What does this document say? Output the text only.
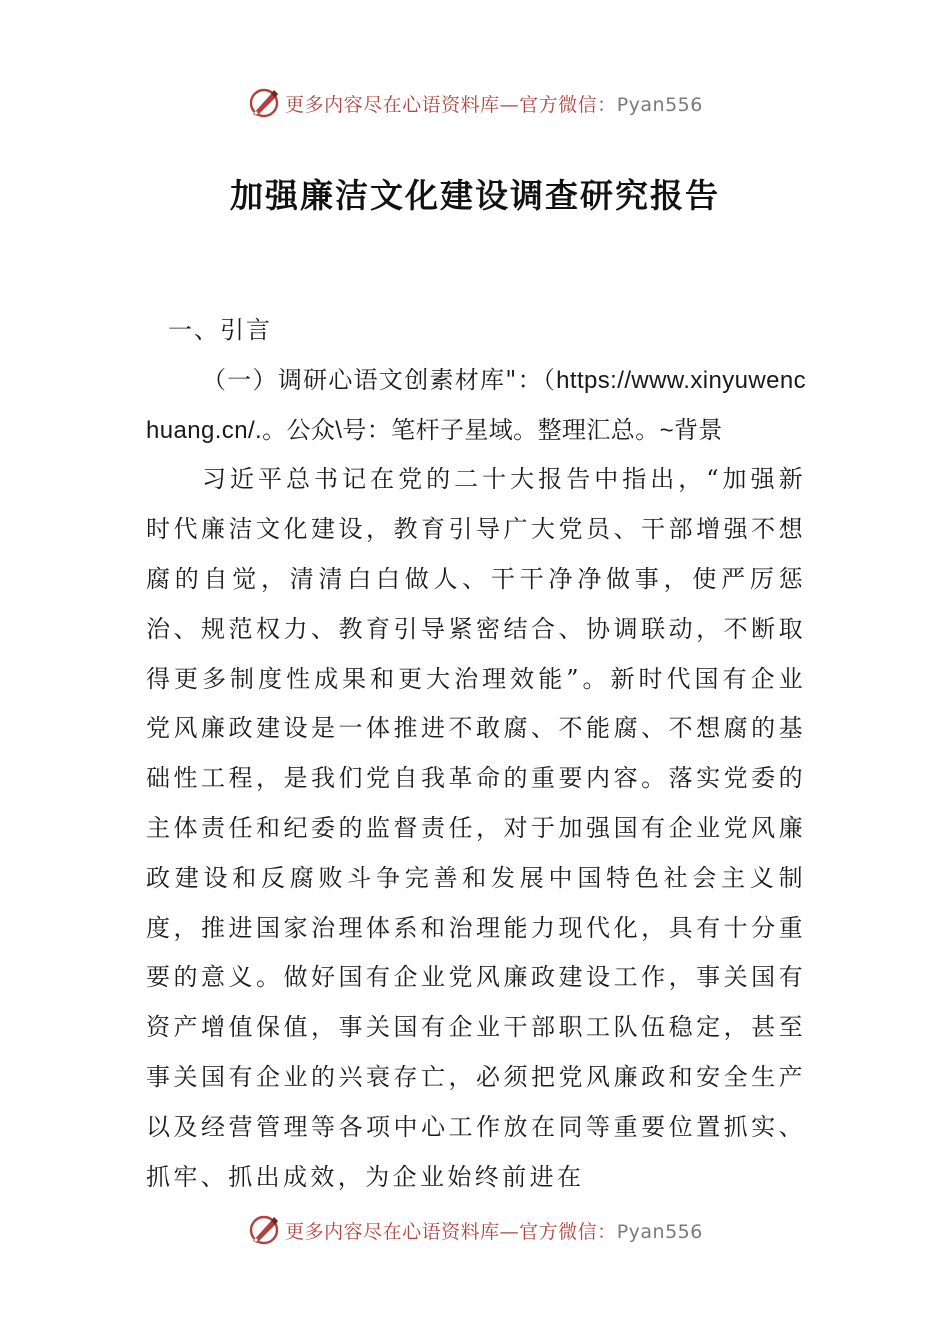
更多内容尽在心语资料库—官方微信：Pyan556
加强廉洁文化建设调查研究报告

一、引言

（一）调研心语文创素材库"：（https://www.xinyuwenchuang.cn/.。公众\号：笔杆子星域。整理汇总。~背景

习近平总书记在党的二十大报告中指出，“加强新时代廉洁文化建设，教育引导广大党员、干部增强不想腐的自觉，清清白白做人、干干净净做事，使严厉惩治、规范权力、教育引导紧密结合、协调联动，不断取得更多制度性成果和更大治理效能”。新时代国有企业党风廉政建设是一体推进不敢腐、不能腐、不想腐的基础性工程，是我们党自我革命的重要内容。落实党委的主体责任和纪委的监督责任，对于加强国有企业党风廉政建设和反腐败斗争完善和发展中国特色社会主义制度，推进国家治理体系和治理能力现代化，具有十分重要的意义。做好国有企业党风廉政建设工作，事关国有资产增值保值，事关国有企业干部职工队伍稳定，甚至事关国有企业的兴衰存亡，必须把党风廉政和安全生产以及经营管理等各项中心工作放在同等重要位置抓实、抓牢、抓出成效，为企业始终前进在

更多内容尽在心语资料库—官方微信：Pyan556
